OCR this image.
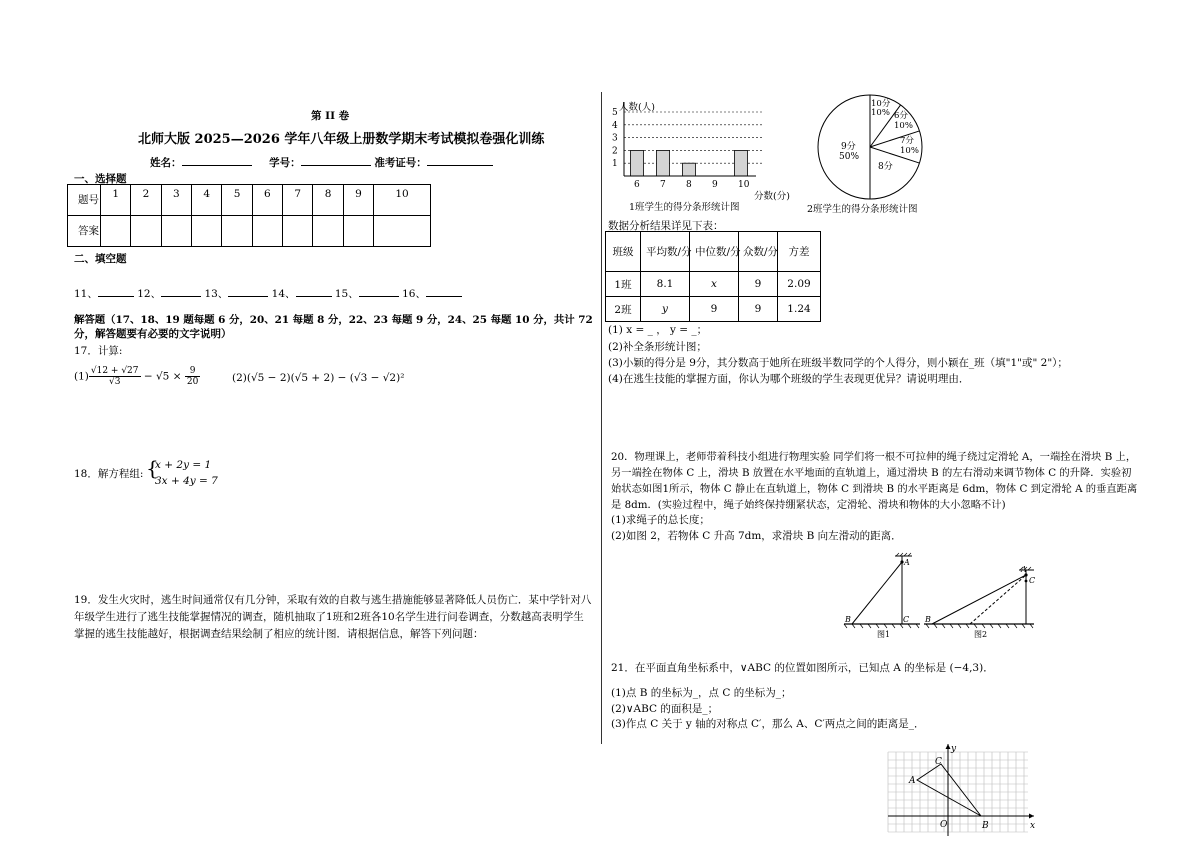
第 II 卷
北师大版 2025—2026 学年八年级上册数学期末考试模拟卷强化训练
姓名：	学号：	准考证号：
一、选择题
题号	1	2	3	4	5	6	7	8	9	10

答案										

二、填空题
11、	12、	13、	14、	15、	16、
解答题（17、18、19 题每题 6 分，20、21 每题 8 分，22、23 每题 9 分，24、25 每题 10 分，共计 72
分，解答题要有必要的文字说明）
17．计算:
$(1) \frac{√12 + √27}{√3} - √5 \times \frac{9}{20}$	(2)(√5 − 2)(√5 + 2) − (√3 − √2)²
18．解方程组: {
x + 2y = 1
3x + 4y = 7
19．发生火灾时，逃生时间通常仅有几分钟，采取有效的自救与逃生措施能够显著降低人员伤亡．某中学针对八
年级学生进行了逃生技能掌握情况的调查，随机抽取了1班和2班各10名学生进行问卷调查，分数越高表明学生
掌握的逃生技能越好，根据调查结果绘制了相应的统计图．请根据信息，解答下列问题：
人数(人)
分数(分)
1班学生的得分条形统计图
1
2
3
4
5
6 7 8 9 10
10分
10% 6分
10%
7分
10%
9分
50%
8分
2班学生的得分条形统计图
数据分析结果详见下表：
班级	平均数/分	中位数/分	众数/分	方差
1班	8.1	x	9	2.09
2班	y	9	9	1.24
(1) x = _ ， y = _；
(2)补全条形统计图；
(3)小颖的得分是 9分，其分数高于她所在班级半数同学的个人得分，则小颖在_班（填"1"或" 2"）；
(4)在逃生技能的掌握方面，你认为哪个班级的学生表现更优异？请说明理由．
20．物理课上，老师带着科技小组进行物理实验 同学们将一根不可拉伸的绳子绕过定滑轮 A，一端拴在滑块 B 上，
另一端拴在物体 C 上，滑块 B 放置在水平地面的直轨道上，通过滑块 B 的左右滑动来调节物体 C 的升降．实验初
始状态如图1所示，物体 C 静止在直轨道上，物体 C 到滑块 B 的水平距离是 6dm，物体 C 到定滑轮 A 的垂直距离
是 8dm．(实验过程中，绳子始终保持绷紧状态，定滑轮、滑块和物体的大小忽略不计)
(1)求绳子的总长度；
(2)如图 2，若物体 C 升高 7dm，求滑块 B 向左滑动的距离．
A
B	C
图1
A
C
B
图2
21．在平面直角坐标系中，∨ABC 的位置如图所示，已知点 A 的坐标是 (−4,3)．
(1)点 B 的坐标为_，点 C 的坐标为_；
(2)∨ABC 的面积是_；
(3)作点 C 关于 y 轴的对称点 C′，那么 A、C′两点之间的距离是_．
x
y
O
A
C
B
